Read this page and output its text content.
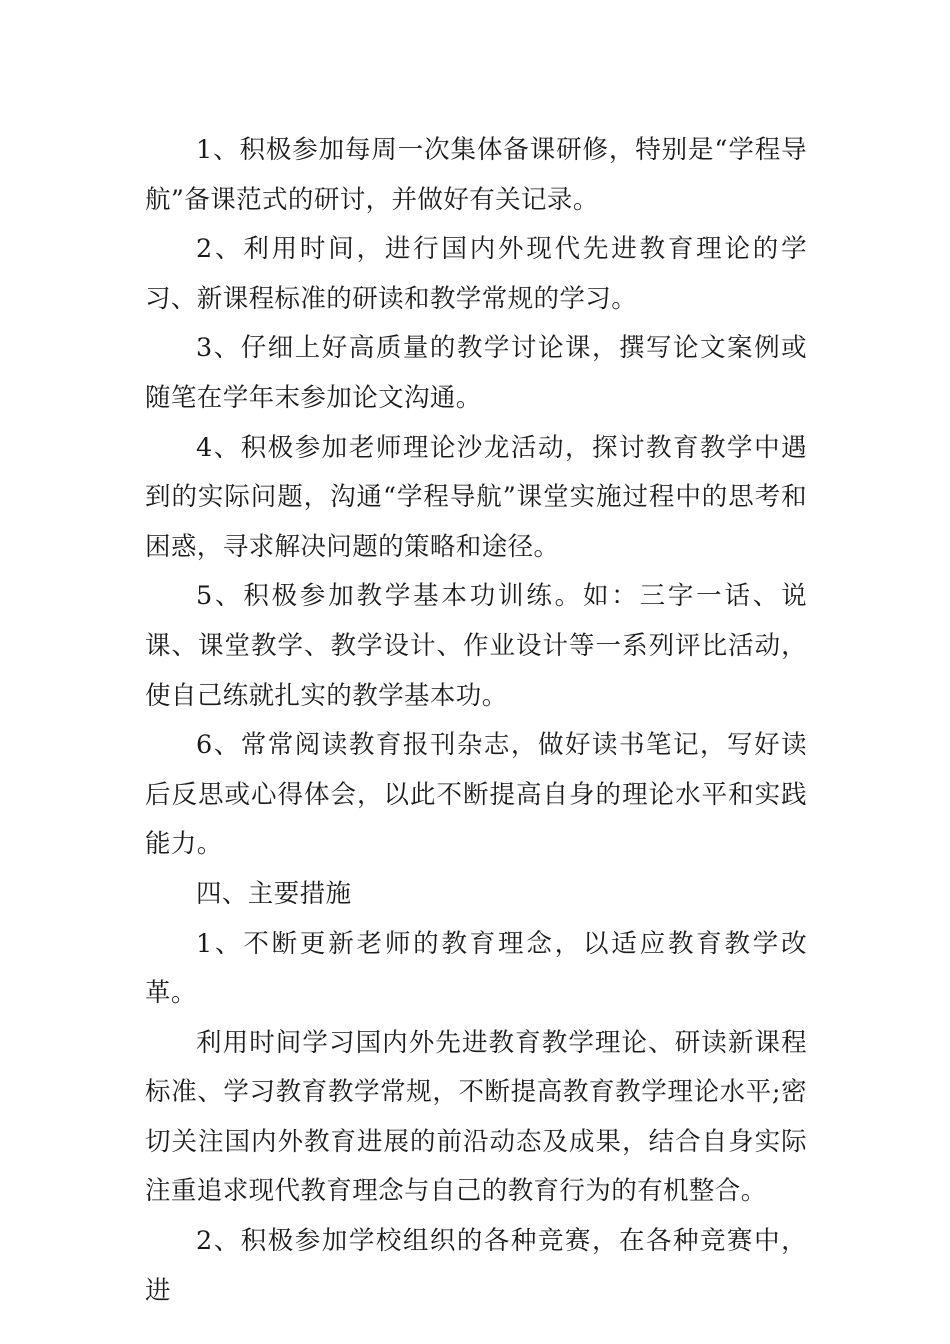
1、积极参加每周一次集体备课研修，特别是“学程导航”备课范式的研讨，并做好有关记录。

2、利用时间，进行国内外现代先进教育理论的学习、新课程标准的研读和教学常规的学习。

3、仔细上好高质量的教学讨论课，撰写论文案例或随笔在学年末参加论文沟通。

4、积极参加老师理论沙龙活动，探讨教育教学中遇到的实际问题，沟通“学程导航”课堂实施过程中的思考和困惑，寻求解决问题的策略和途径。

5、积极参加教学基本功训练。如：三字一话、说课、课堂教学、教学设计、作业设计等一系列评比活动，使自己练就扎实的教学基本功。

6、常常阅读教育报刊杂志，做好读书笔记，写好读后反思或心得体会，以此不断提高自身的理论水平和实践能力。

四、主要措施

1、不断更新老师的教育理念，以适应教育教学改革。

利用时间学习国内外先进教育教学理论、研读新课程标准、学习教育教学常规，不断提高教育教学理论水平;密切关注国内外教育进展的前沿动态及成果，结合自身实际注重追求现代教育理念与自己的教育行为的有机整合。

2、积极参加学校组织的各种竞赛，在各种竞赛中，进
